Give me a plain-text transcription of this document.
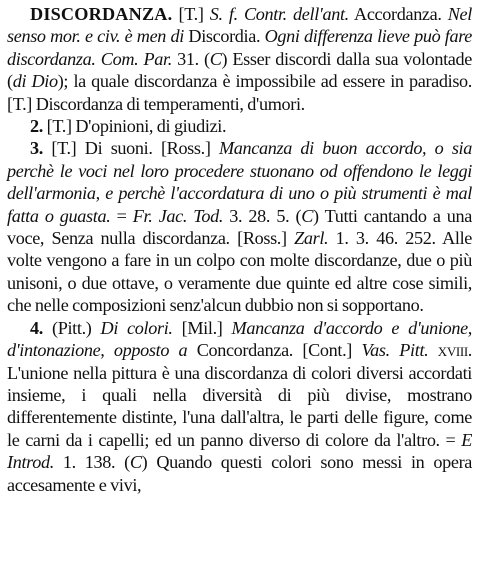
DISCORDANZA. [T.] S. f. Contr. dell'ant. Accordanza. Nel senso mor. e civ. è men di Discordia. Ogni differenza lieve può fare discordanza. Com. Par. 31. (C) Esser discordi dalla sua volontade (di Dio); la quale discordanza è impossibile ad essere in paradiso. [T.] Discordanza di temperamenti, d'umori.

2. [T.] D'opinioni, di giudizi.

3. [T.] Di suoni. [Ross.] Mancanza di buon accordo, o sia perchè le voci nel loro procedere stuonano od offendono le leggi dell'armonia, e perchè l'accordatura di uno o più strumenti è mal fatta o guasta. = Fr. Jac. Tod. 3. 28. 5. (C) Tutti cantando a una voce, Senza nulla discordanza. [Ross.] Zarl. 1. 3. 46. 252. Alle volte vengono a fare in un colpo con molte discordanze, due o più unisoni, o due ottave, o veramente due quinte ed altre cose simili, che nelle composizioni senz'alcun dubbio non si sopportano.

4. (Pitt.) Di colori. [Mil.] Mancanza d'accordo e d'unione, d'intonazione, opposto a Concordanza. [Cont.] Vas. Pitt. xviii. L'unione nella pittura è una discordanza di colori diversi accordati insieme, i quali nella diversità di più divise, mostrano differentemente distinte, l'una dall'altra, le parti delle figure, come le carni da i capelli; ed un panno diverso di colore da l'altro. = E Introd. 1. 138. (C) Quando questi colori sono messi in opera accesamente e vivi,
